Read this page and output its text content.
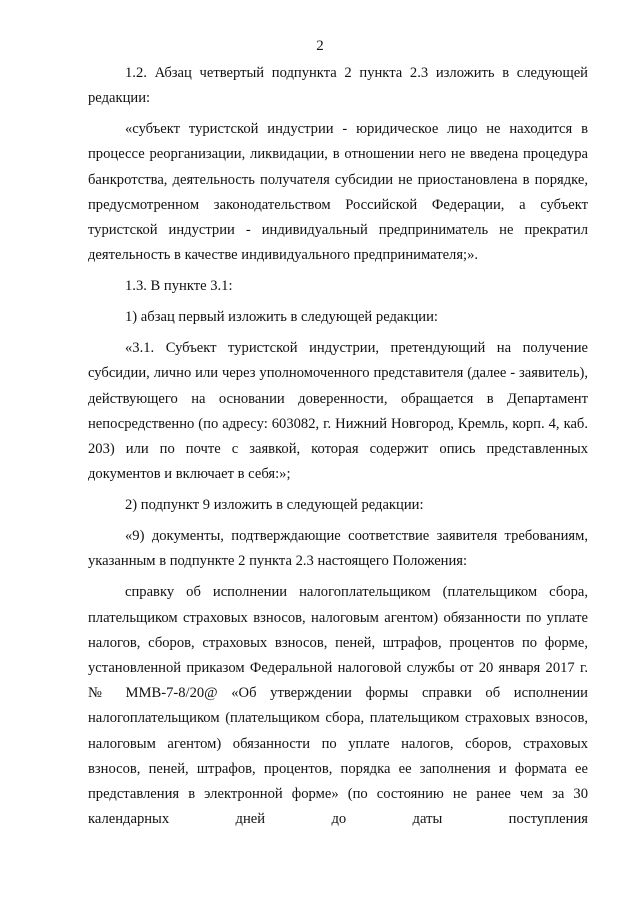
2

1.2. Абзац четвертый подпункта 2 пункта 2.3 изложить в следующей редакции:

«субъект туристской индустрии - юридическое лицо не находится в процессе реорганизации, ликвидации, в отношении него не введена процедура банкротства, деятельность получателя субсидии не приостановлена в порядке, предусмотренном законодательством Российской Федерации, а субъект туристской индустрии - индивидуальный предприниматель не прекратил деятельность в качестве индивидуального предпринимателя;».

1.3. В пункте 3.1:

1) абзац первый изложить в следующей редакции:

«3.1. Субъект туристской индустрии, претендующий на получение субсидии, лично или через уполномоченного представителя (далее - заявитель), действующего на основании доверенности, обращается в Департамент непосредственно (по адресу: 603082, г. Нижний Новгород, Кремль, корп. 4, каб. 203) или по почте с заявкой, которая содержит опись представленных документов и включает в себя:»;

2) подпункт 9 изложить в следующей редакции:

«9) документы, подтверждающие соответствие заявителя требованиям, указанным в подпункте 2 пункта 2.3 настоящего Положения:

справку об исполнении налогоплательщиком (плательщиком сбора, плательщиком страховых взносов, налоговым агентом) обязанности по уплате налогов, сборов, страховых взносов, пеней, штрафов, процентов по форме, установленной приказом Федеральной налоговой службы от 20 января 2017 г. № ММВ-7-8/20@ «Об утверждении формы справки об исполнении налогоплательщиком (плательщиком сбора, плательщиком страховых взносов, налоговым агентом) обязанности по уплате налогов, сборов, страховых взносов, пеней, штрафов, процентов, порядка ее заполнения и формата ее представления в электронной форме» (по состоянию не ранее чем за 30 календарных дней до даты поступления
